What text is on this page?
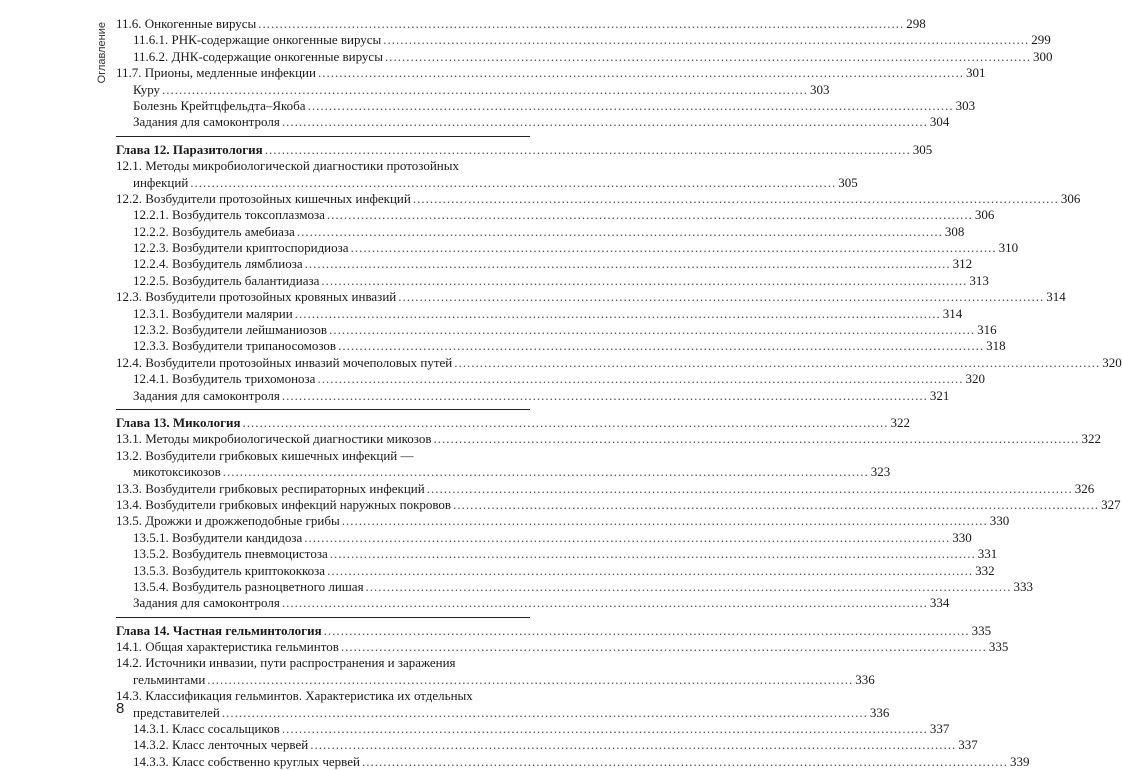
Оглавление 11.6. Онкогенные вирусы .....	298
11.6.1. РНК-содержащие онкогенные вирусы .....	299
11.6.2. ДНК-содержащие онкогенные вирусы .....	300
11.7. Прионы, медленные инфекции .....	301
Куру .....	303
Болезнь Крейтцфельдта–Якоба .....	303
Задания для самоконтроля .....	304
Глава 12. Паразитология .....	305
12.1. Методы микробиологической диагностики протозойных
инфекций .....	305
12.2. Возбудители протозойных кишечных инфекций .....	306
12.2.1. Возбудитель токсоплазмоза .....	306
12.2.2. Возбудитель амебиаза .....	308
12.2.3. Возбудители криптоспоридиоза .....	310
12.2.4. Возбудитель лямблиоза .....	312
12.2.5. Возбудитель балантидиаза .....	313
12.3. Возбудители протозойных кровяных инвазий .....	314
12.3.1. Возбудители малярии .....	314
12.3.2. Возбудители лейшманиозов .....	316
12.3.3. Возбудители трипаносомозов .....	318
12.4. Возбудители протозойных инвазий мочеполовых путей .....	320
12.4.1. Возбудитель трихомоноза .....	320
Задания для самоконтроля .....	321
Глава 13. Микология .....	322
13.1. Методы микробиологической диагностики микозов .....	322
13.2. Возбудители грибковых кишечных инфекций —
микотоксикозов .....	323
13.3. Возбудители грибковых респираторных инфекций .....	326
13.4. Возбудители грибковых инфекций наружных покровов .....	327
13.5. Дрожжи и дрожжеподобные грибы .....	330
13.5.1. Возбудители кандидоза .....	330
13.5.2. Возбудитель пневмоцистоза .....	331
13.5.3. Возбудитель криптококкоза .....	332
13.5.4. Возбудитель разноцветного лишая .....	333
Задания для самоконтроля .....	334
Глава 14. Частная гельминтология .....	335
14.1. Общая характеристика гельминтов .....	335
14.2. Источники инвазии, пути распространения и заражения
гельминтами .....	336
14.3. Классификация гельминтов. Характеристика их отдельных
представителей .....	336
14.3.1. Класс сосальщиков .....	337
14.3.2. Класс ленточных червей .....	337
14.3.3. Класс собственно круглых червей .....	339
8
